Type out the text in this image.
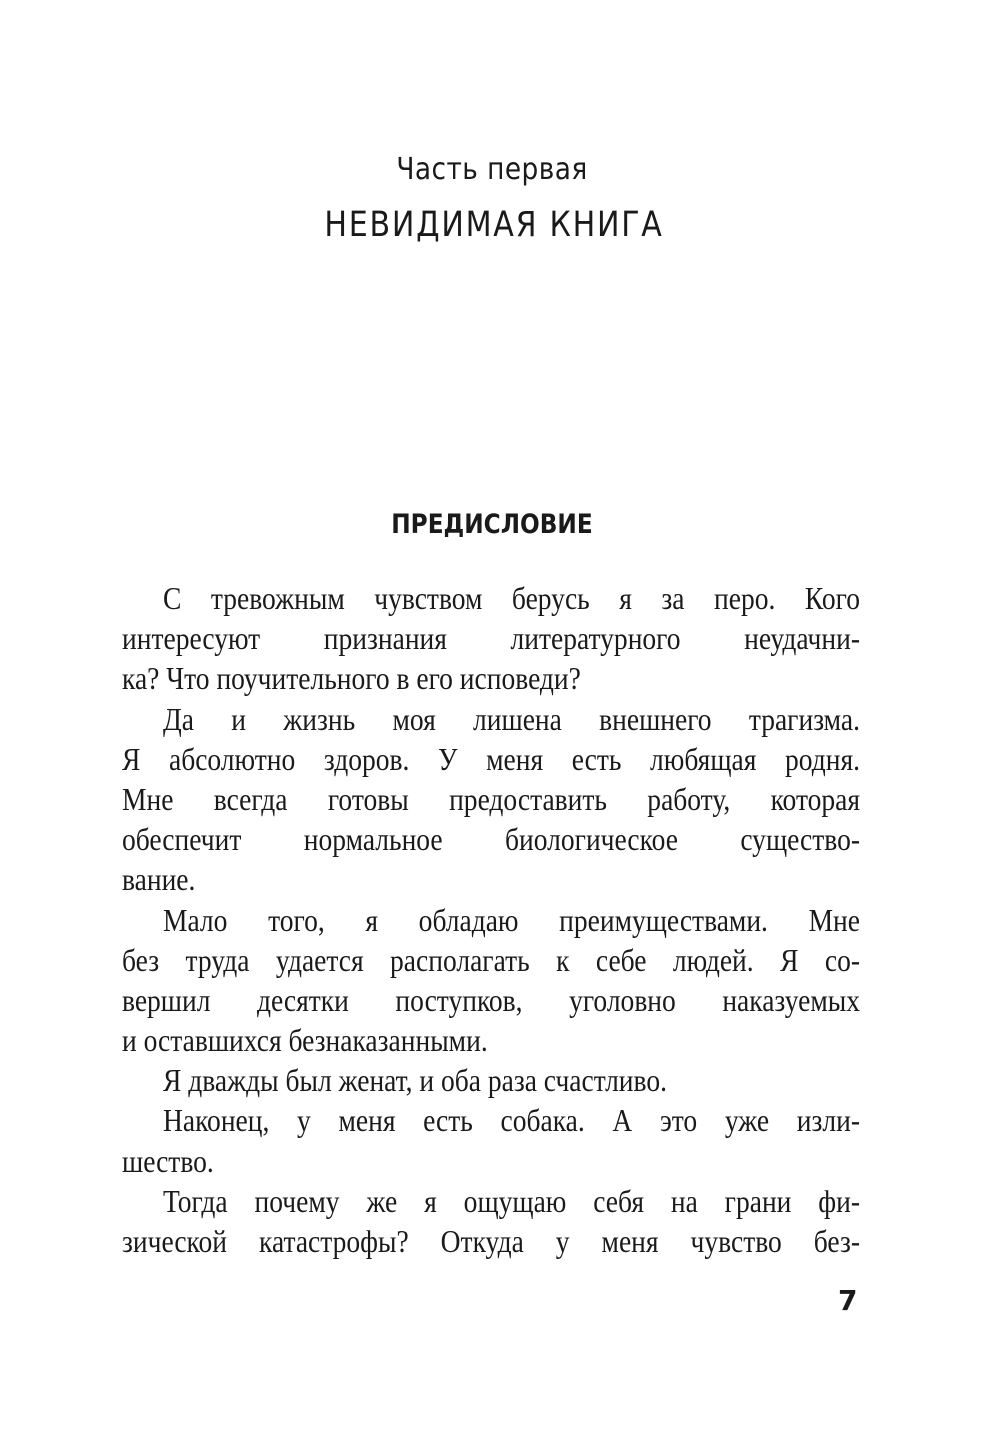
Часть первая
НЕВИДИМАЯ КНИГА
ПРЕДИСЛОВИЕ
С тревожным чувством берусь я за перо. Кого
интересуют признания литературного неудачни-
ка? Что поучительного в его исповеди?
Да и жизнь моя лишена внешнего трагизма.
Я абсолютно здоров. У меня есть любящая родня.
Мне всегда готовы предоставить работу, которая
обеспечит нормальное биологическое существо-
вание.
Мало того, я обладаю преимуществами. Мне
без труда удается располагать к себе людей. Я со-
вершил десятки поступков, уголовно наказуемых
и оставшихся безнаказанными.
Я дважды был женат, и оба раза счастливо.
Наконец, у меня есть собака. А это уже изли-
шество.
Тогда почему же я ощущаю себя на грани фи-
зической катастрофы? Откуда у меня чувство без-
7
